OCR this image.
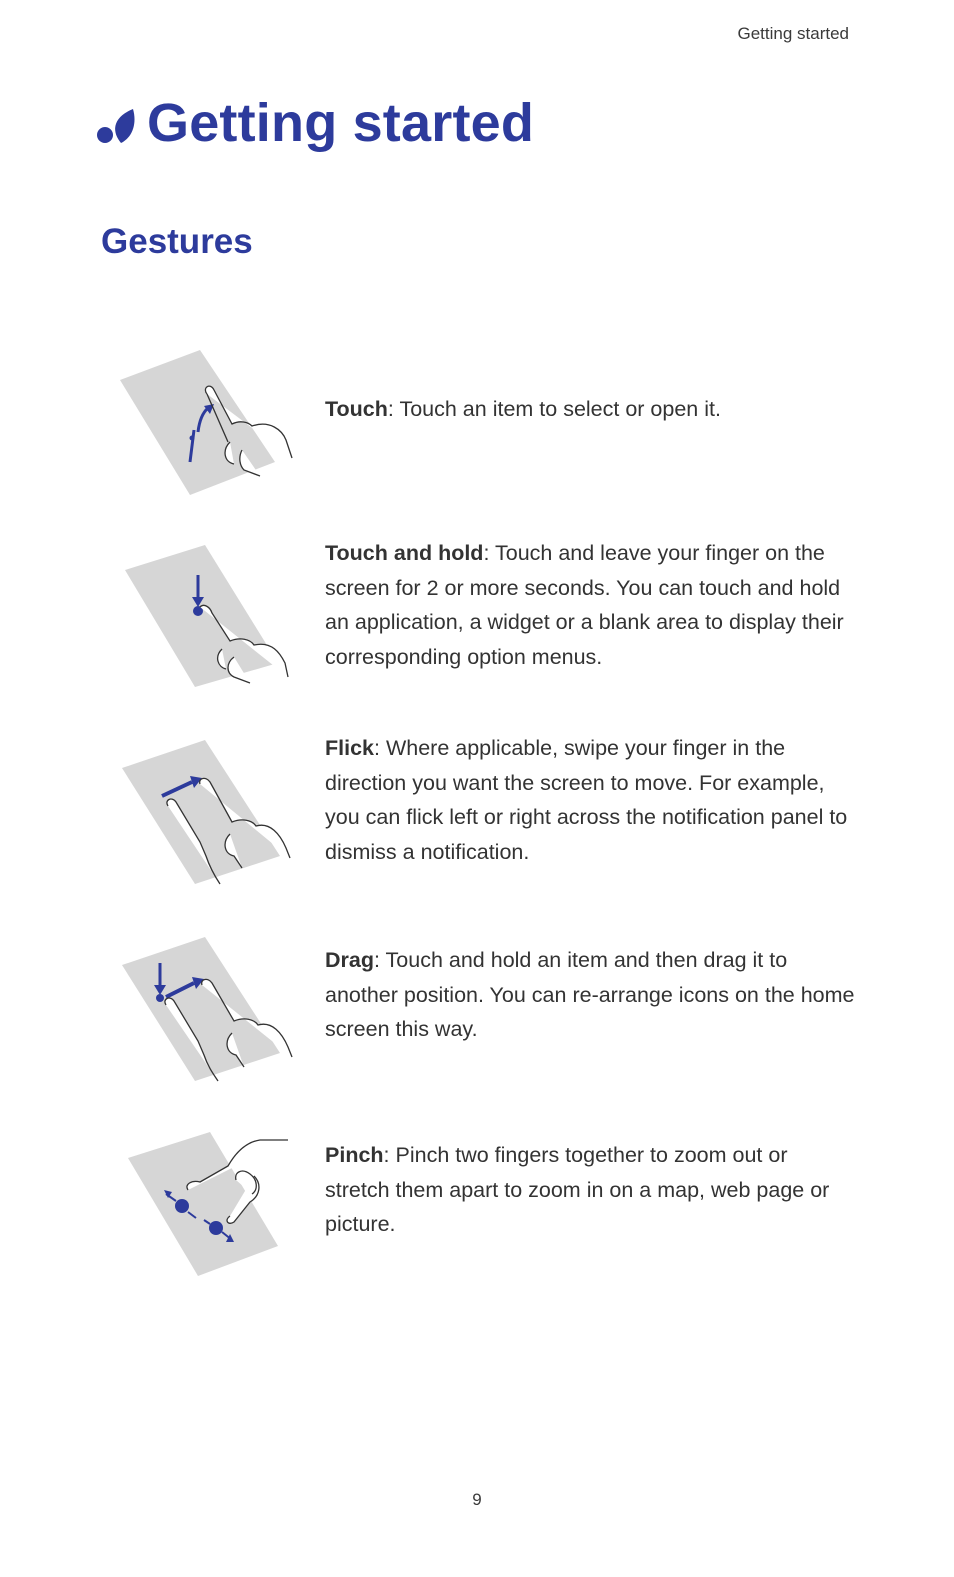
Getting started
Getting started
Gestures
Touch: Touch an item to select or open it.
Touch and hold: Touch and leave your finger on the screen for 2 or more seconds. You can touch and hold an application, a widget or a blank area to display their corresponding option menus.
Flick: Where applicable, swipe your finger in the direction you want the screen to move. For example, you can flick left or right across the notification panel to dismiss a notification.
Drag: Touch and hold an item and then drag it to another position. You can re-arrange icons on the home screen this way.
Pinch: Pinch two fingers together to zoom out or stretch them apart to zoom in on a map, web page or picture.
9
